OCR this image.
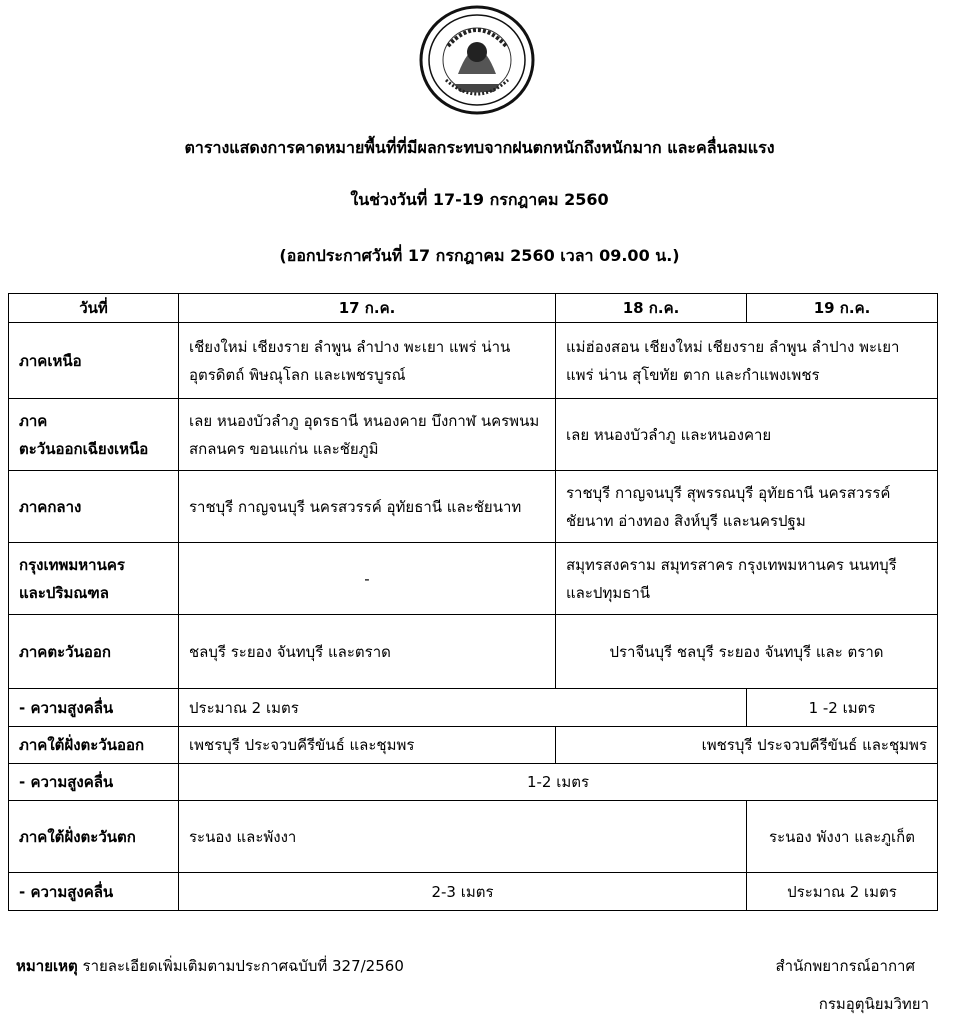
ตารางแสดงการคาดหมายพื้นที่ที่มีผลกระทบจากฝนตกหนักถึงหนักมาก และคลื่นลมแรง
ในช่วงวันที่ 17-19 กรกฎาคม 2560
(ออกประกาศวันที่ 17 กรกฎาคม 2560 เวลา 09.00 น.)
วันที่	17 ก.ค.	18 ก.ค.	19 ก.ค.
ภาคเหนือ	เชียงใหม่ เชียงราย ลำพูน ลำปาง พะเยา แพร่ น่าน อุตรดิตถ์ พิษณุโลก และเพชรบูรณ์	แม่ฮ่องสอน เชียงใหม่ เชียงราย ลำพูน ลำปาง พะเยา แพร่ น่าน สุโขทัย ตาก และกำแพงเพชร	

ภาค
ตะวันออกเฉียงเหนือ	เลย หนองบัวลำภู อุดรธานี หนองคาย บึงกาฬ นครพนม สกลนคร ขอนแก่น และชัยภูมิ	เลย หนองบัวลำภู และหนองคาย	
ภาคกลาง	ราชบุรี กาญจนบุรี นครสวรรค์ อุทัยธานี และชัยนาท	ราชบุรี กาญจนบุรี สุพรรณบุรี อุทัยธานี นครสวรรค์ ชัยนาท อ่างทอง สิงห์บุรี และนครปฐม	

กรุงเทพมหานคร
และปริมณฑล	-	สมุทรสงคราม สมุทรสาคร กรุงเทพมหานคร นนทบุรี และปทุมธานี	
ภาคตะวันออก	ชลบุรี ระยอง จันทบุรี และตราด	ปราจีนบุรี ชลบุรี ระยอง จันทบุรี และ ตราด	
- ความสูงคลื่น	ประมาณ 2 เมตร		1 -2 เมตร
ภาคใต้ฝั่งตะวันออก	เพชรบุรี ประจวบคีรีขันธ์ และชุมพร	เพชรบุรี ประจวบคีรีขันธ์ และชุมพร	
- ความสูงคลื่น	1-2 เมตร		
ภาคใต้ฝั่งตะวันตก	ระนอง และพังงา		ระนอง พังงา และภูเก็ต
- ความสูงคลื่น	2-3 เมตร		ประมาณ 2 เมตร
หมายเหตุ รายละเอียดเพิ่มเติมตามประกาศฉบับที่ 327/2560	สำนักพยากรณ์อากาศ
กรมอุตุนิยมวิทยา
